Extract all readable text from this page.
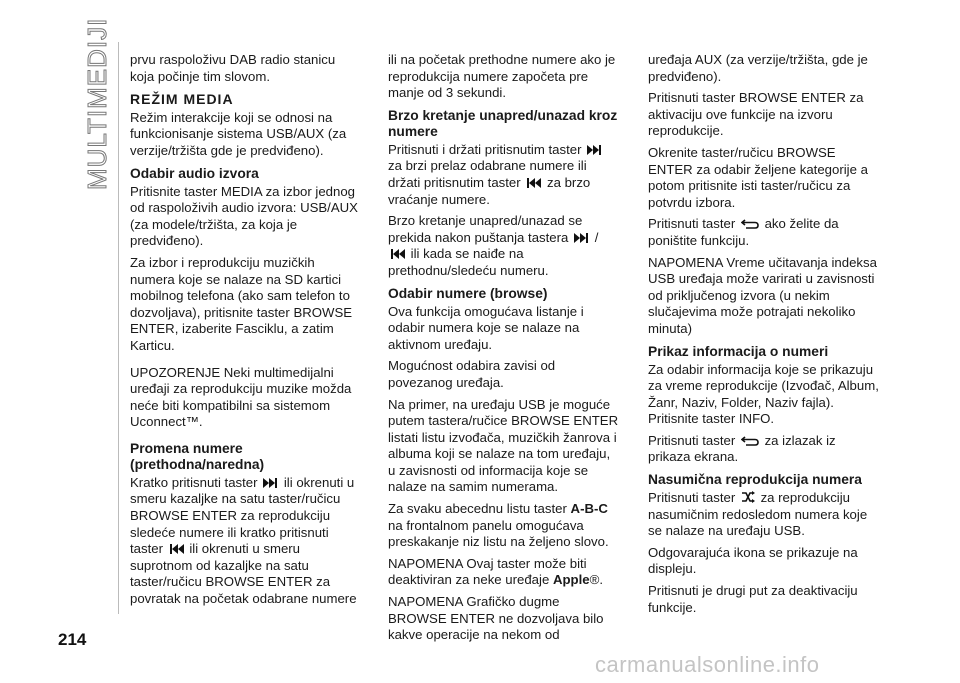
MULTIMEDIJI
214
carmanualsonline.info

prvu raspoloživu DAB radio stanicu koja počinje tim slovom.

REŽIM MEDIA

Režim interakcije koji se odnosi na funkcionisanje sistema USB/AUX (za verzije/tržišta gde je predviđeno).

Odabir audio izvora

Pritisnite taster MEDIA za izbor jednog od raspoloživih audio izvora: USB/AUX (za modele/tržišta, za koja je predviđeno).

Za izbor i reprodukciju muzičkih numera koje se nalaze na SD kartici mobilnog telefona (ako sam telefon to dozvoljava), pritisnite taster BROWSE ENTER, izaberite Fasciklu, a zatim Karticu.

UPOZORENJE Neki multimedijalni uređaji za reprodukciju muzike možda neće biti kompatibilni sa sistemom Uconnect™.

Promena numere (prethodna/naredna)

Kratko pritisnuti taster ili okrenuti u smeru kazaljke na satu taster/ručicu BROWSE ENTER za reprodukciju sledeće numere ili kratko pritisnuti taster ili okrenuti u smeru suprotnom od kazaljke na satu taster/ručicu BROWSE ENTER za povratak na početak odabrane numere

ili na početak prethodne numere ako je reprodukcija numere započeta pre manje od 3 sekundi.

Brzo kretanje unapred/unazad kroz numere

Pritisnuti i držati pritisnutim taster
za brzi prelaz odabrane numere ili držati pritisnutim taster za brzo vraćanje numere.

Brzo kretanje unapred/unazad se prekida nakon puštanja tastera /
ili kada se naiđe na prethodnu/sledeću numeru.

Odabir numere (browse)

Ova funkcija omogućava listanje i odabir numera koje se nalaze na aktivnom uređaju.

Mogućnost odabira zavisi od povezanog uređaja.

Na primer, na uređaju USB je moguće putem tastera/ručice BROWSE ENTER listati listu izvođača, muzičkih žanrova i albuma koji se nalaze na tom uređaju, u zavisnosti od informacija koje se nalaze na samim numerama.

Za svaku abecednu listu taster A-B-C na frontalnom panelu omogućava preskakanje niz listu na željeno slovo.

NAPOMENA Ovaj taster može biti deaktiviran za neke uređaje Apple®.

NAPOMENA Grafičko dugme BROWSE ENTER ne dozvoljava bilo kakve operacije na nekom od

uređaja AUX (za verzije/tržišta, gde je predviđeno).

Pritisnuti taster BROWSE ENTER za aktivaciju ove funkcije na izvoru reprodukcije.

Okrenite taster/ručicu BROWSE ENTER za odabir željene kategorije a potom pritisnite isti taster/ručicu za potvrdu izbora.

Pritisnuti taster ako želite da poništite funkciju.

NAPOMENA Vreme učitavanja indeksa USB uređaja može varirati u zavisnosti od priključenog izvora (u nekim slučajevima može potrajati nekoliko minuta)

Prikaz informacija o numeri

Za odabir informacija koje se prikazuju za vreme reprodukcije (Izvođač, Album, Žanr, Naziv, Folder, Naziv fajla). Pritisnite taster INFO.

Pritisnuti taster za izlazak iz prikaza ekrana.

Nasumična reprodukcija numera

Pritisnuti taster za reprodukciju nasumičnim redosledom numera koje se nalaze na uređaju USB.

Odgovarajuća ikona se prikazuje na displeju.

Pritisnuti je drugi put za deaktivaciju funkcije.
